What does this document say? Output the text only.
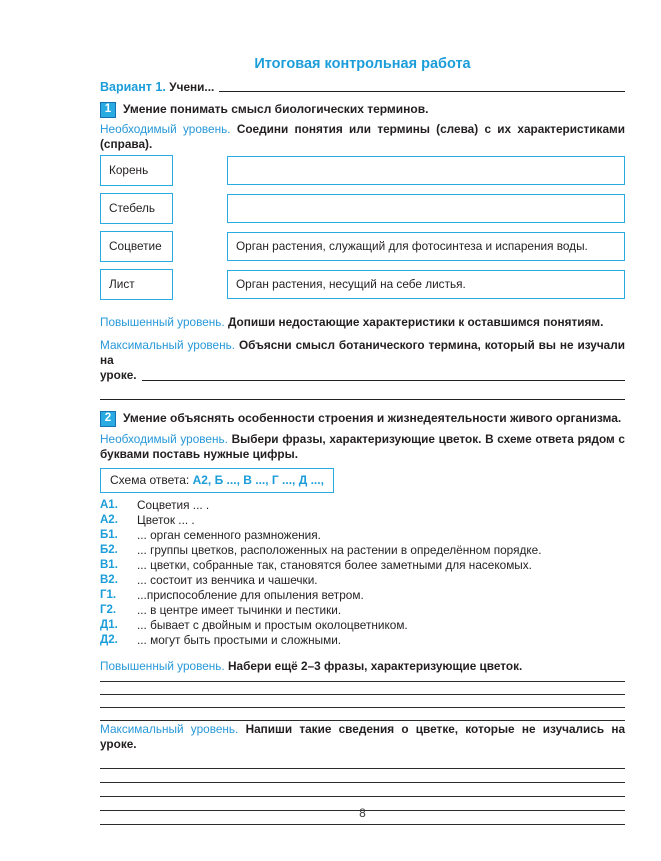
Итоговая контрольная работа
Вариант 1. Учени...
1 Умение понимать смысл биологических терминов.
Необходимый уровень. Соедини понятия или термины (слева) с их характеристиками (справа).
Корень
Стебель
Соцветие	Орган растения, служащий для фотосинтеза и испарения воды.
Лист	Орган растения, несущий на себе листья.
Повышенный уровень. Допиши недостающие характеристики к оставшимся понятиям.
Максимальный уровень. Объясни смысл ботанического термина, который вы не изучали на
уроке.
2 Умение объяснять особенности строения и жизнедеятельности живого организма.
Необходимый уровень. Выбери фразы, характеризующие цветок. В схеме ответа рядом с буквами поставь нужные цифры.
Схема ответа: А2, Б ..., В ..., Г ..., Д ...,
А1.	Соцветия ... .
А2.	Цветок ... .
Б1.	... орган семенного размножения.
Б2.	... группы цветков, расположенных на растении в определённом порядке.
В1.	... цветки, собранные так, становятся более заметными для насекомых.
В2.	... состоит из венчика и чашечки.
Г1.	...приспособление для опыления ветром.
Г2.	... в центре имеет тычинки и пестики.
Д1.	... бывает с двойным и простым околоцветником.
Д2.	... могут быть простыми и сложными.
Повышенный уровень. Набери ещё 2–3 фразы, характеризующие цветок.
Максимальный уровень. Напиши такие сведения о цветке, которые не изучались на уроке.
8
